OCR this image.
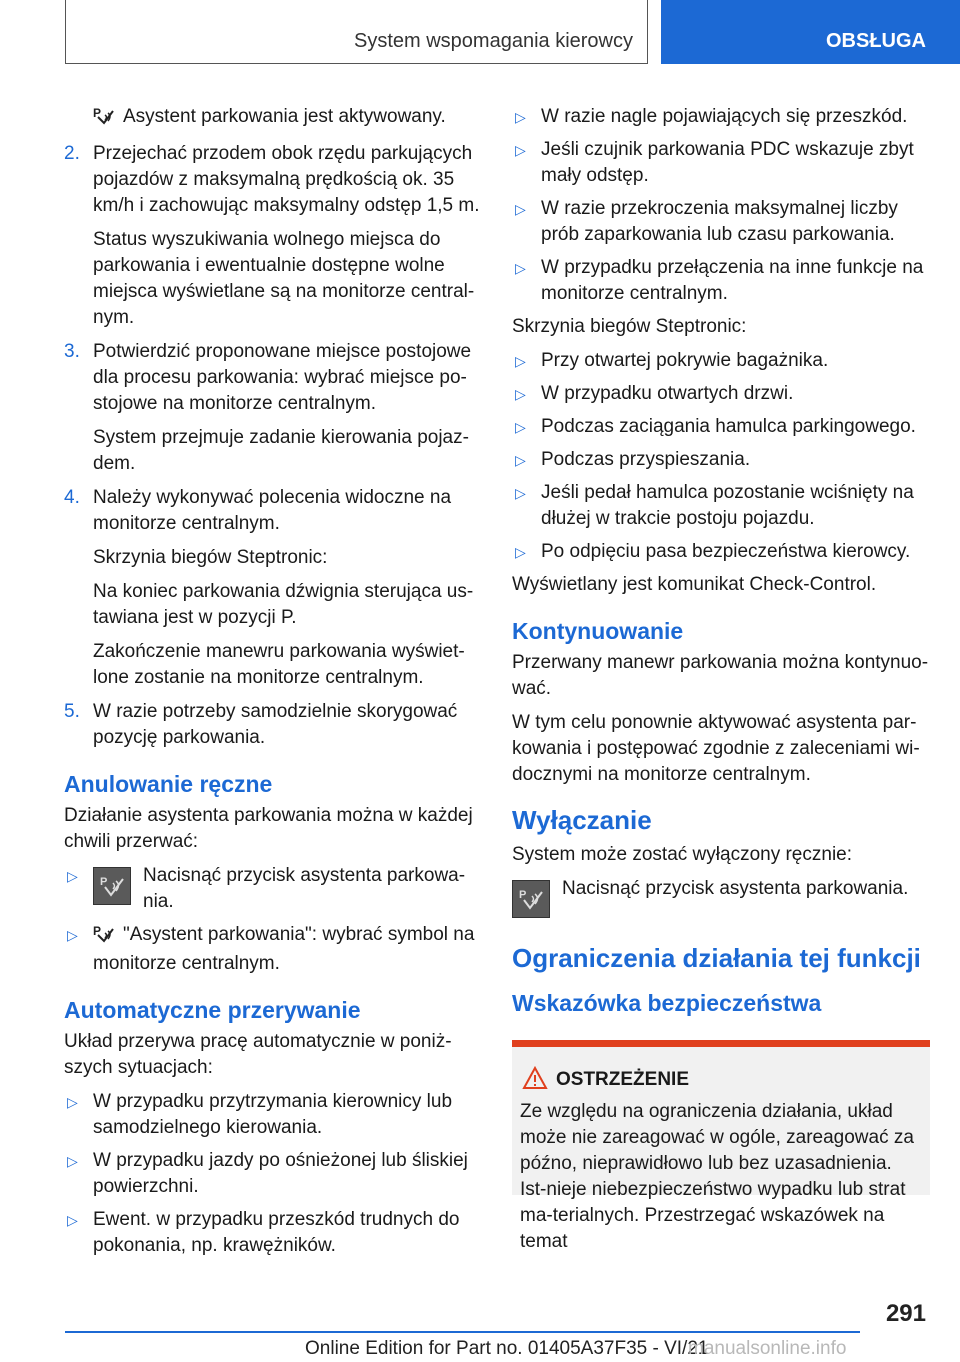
System wspomagania kierowcy	OBSŁUGA

P Asystent parkowania jest aktywowany.

2. Przejechać przodem obok rzędu parkujących pojazdów z maksymalną prędkością ok. 35 km/h i zachowując maksymalny odstęp 1,5 m.

Status wyszukiwania wolnego miejsca do parkowania i ewentualnie dostępne wolne miejsca wyświetlane są na monitorze central-nym.

3. Potwierdzić proponowane miejsce postojowe dla procesu parkowania: wybrać miejsce po-stojowe na monitorze centralnym.

System przejmuje zadanie kierowania pojaz-dem.

4. Należy wykonywać polecenia widoczne na monitorze centralnym.

Skrzynia biegów Steptronic:

Na koniec parkowania dźwignia sterująca us-tawiana jest w pozycji P.

Zakończenie manewru parkowania wyświet-lone zostanie na monitorze centralnym.

5. W razie potrzeby samodzielnie skorygować pozycję parkowania.

Anulowanie ręczne

Działanie asystenta parkowania można w każdej chwili przerwać:

▷ P Nacisnąć przycisk asystenta parkowa-nia.
▷ P "Asystent parkowania": wybrać symbol na monitorze centralnym.
Automatyczne przerywanie

Układ przerywa pracę automatycznie w poniż-szych sytuacjach:

▷ W przypadku przytrzymania kierownicy lub samodzielnego kierowania.
▷ W przypadku jazdy po ośnieżonej lub śliskiej powierzchni.
▷ Ewent. w przypadku przeszkód trudnych do pokonania, np. krawężników.
▷ W razie nagle pojawiających się przeszkód.
▷ Jeśli czujnik parkowania PDC wskazuje zbyt mały odstęp.
▷ W razie przekroczenia maksymalnej liczby prób zaparkowania lub czasu parkowania.
▷ W przypadku przełączenia na inne funkcje na monitorze centralnym.

Skrzynia biegów Steptronic:

▷ Przy otwartej pokrywie bagażnika.
▷ W przypadku otwartych drzwi.
▷ Podczas zaciągania hamulca parkingowego.
▷ Podczas przyspieszania.
▷ Jeśli pedał hamulca pozostanie wciśnięty na dłużej w trakcie postoju pojazdu.
▷ Po odpięciu pasa bezpieczeństwa kierowcy.

Wyświetlany jest komunikat Check-Control.

Kontynuowanie

Przerwany manewr parkowania można kontynuo-wać.

W tym celu ponownie aktywować asystenta par-kowania i postępować zgodnie z zaleceniami wi-docznymi na monitorze centralnym.

Wyłączanie

System może zostać wyłączony ręcznie:

P Nacisnąć przycisk asystenta parkowania.
Ograniczenia działania tej funkcji
Wskazówka bezpieczeństwa
OSTRZEŻENIE

Ze względu na ograniczenia działania, układ może nie zareagować w ogóle, zareagować za późno, nieprawidłowo lub bez uzasadnienia. Ist-nieje niebezpieczeństwo wypadku lub strat ma-terialnych. Przestrzegać wskazówek na temat

291
Online Edition for Part no. 01405A37F35 - VI/21
manualsonline.info
